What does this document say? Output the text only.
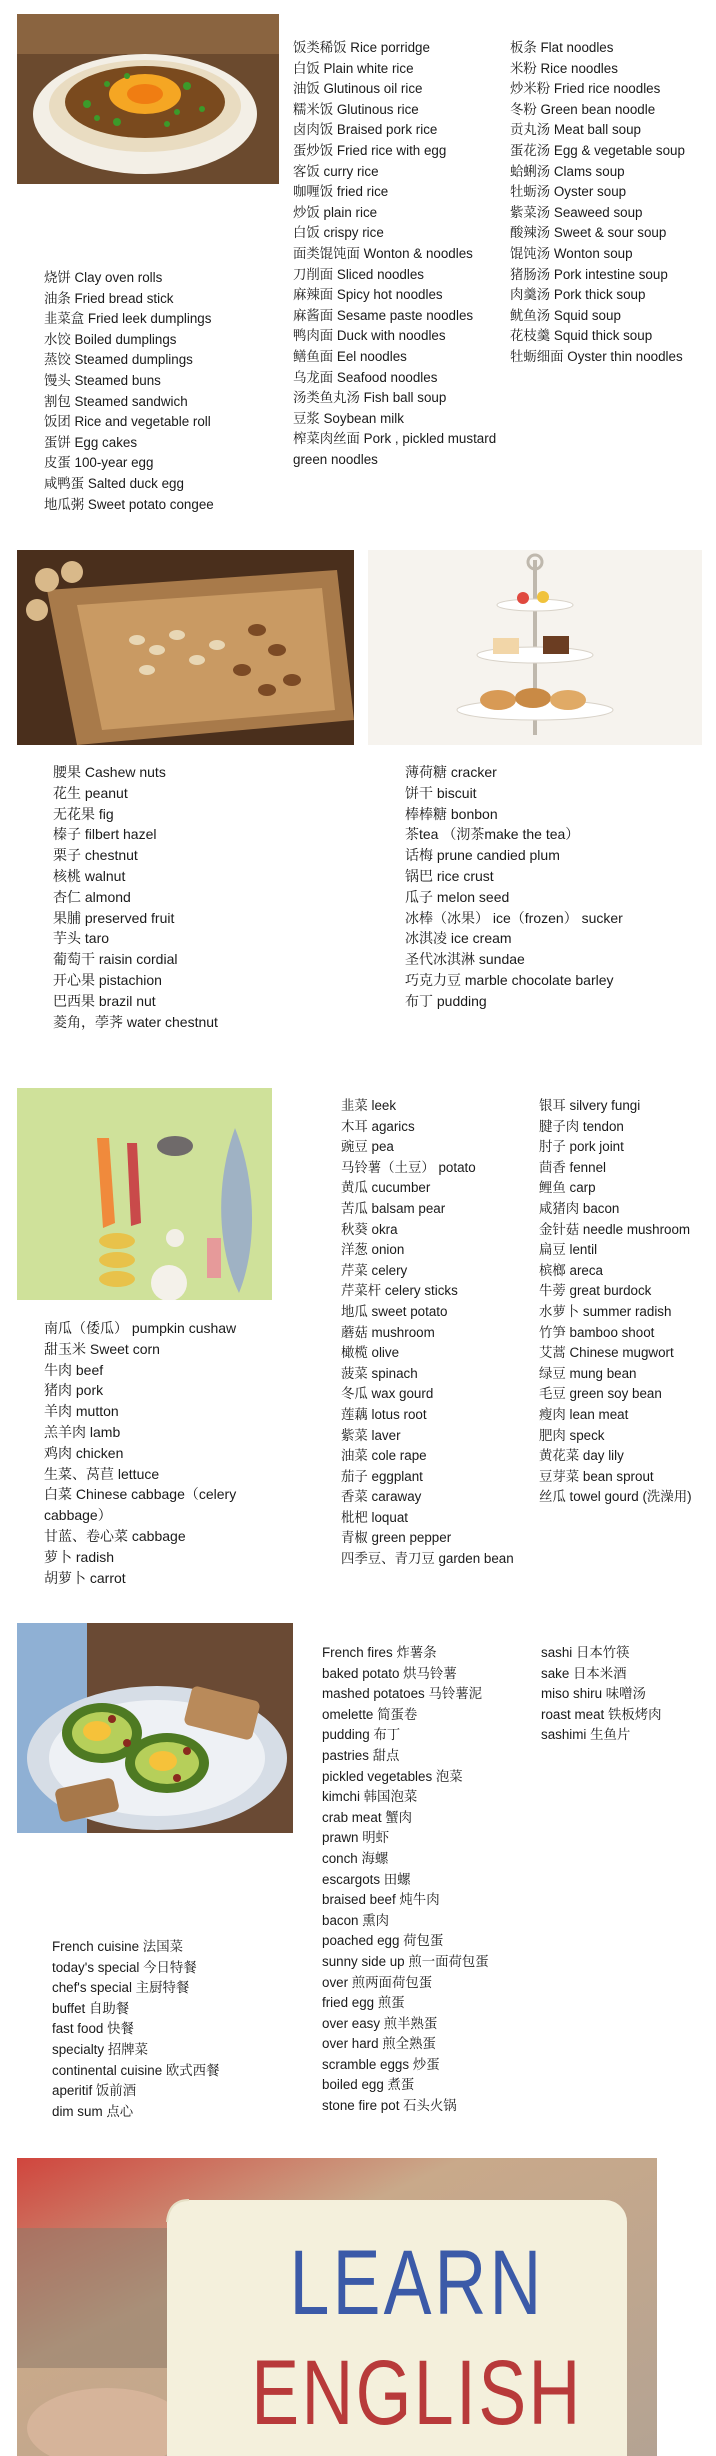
烧饼 Clay oven rolls
油条 Fried bread stick
韭菜盒 Fried leek dumplings
水饺 Boiled dumplings
蒸饺 Steamed dumplings
馒头 Steamed buns
割包 Steamed sandwich
饭团 Rice and vegetable roll
蛋饼 Egg cakes
皮蛋 100-year egg
咸鸭蛋 Salted duck egg
地瓜粥 Sweet potato congee
饭类稀饭 Rice porridge
白饭 Plain white rice
油饭 Glutinous oil rice
糯米饭 Glutinous rice
卤肉饭 Braised pork rice
蛋炒饭 Fried rice with egg
客饭 curry rice
咖喱饭 fried rice
炒饭 plain rice
白饭 crispy rice
面类馄饨面 Wonton & noodles
刀削面 Sliced noodles
麻辣面 Spicy hot noodles
麻酱面 Sesame paste noodles
鸭肉面 Duck with noodles
鳝鱼面 Eel noodles
乌龙面 Seafood noodles
汤类鱼丸汤 Fish ball soup
豆浆 Soybean milk
榨菜肉丝面 Pork , pickled mustard green noodles
板条 Flat noodles
米粉 Rice noodles
炒米粉 Fried rice noodles
冬粉 Green bean noodle
贡丸汤 Meat ball soup
蛋花汤 Egg & vegetable soup
蛤蜊汤 Clams soup
牡蛎汤 Oyster soup
紫菜汤 Seaweed soup
酸辣汤 Sweet & sour soup
馄饨汤 Wonton soup
猪肠汤 Pork intestine soup
肉羹汤 Pork thick soup
鱿鱼汤 Squid soup
花枝羹 Squid thick soup
牡蛎细面 Oyster thin noodles
腰果 Cashew nuts
花生 peanut
无花果 fig
榛子 filbert hazel
栗子 chestnut
核桃 walnut
杏仁 almond
果脯 preserved fruit
芋头 taro
葡萄干 raisin cordial
开心果 pistachion
巴西果 brazil nut
菱角，荸荠 water chestnut
薄荷糖 cracker
饼干 biscuit
棒棒糖 bonbon
茶tea （沏茶make the tea）
话梅 prune candied plum
锅巴 rice crust
瓜子 melon seed
冰棒（冰果） ice（frozen） sucker
冰淇凌 ice cream
圣代冰淇淋 sundae
巧克力豆 marble chocolate barley
布丁 pudding
南瓜（倭瓜） pumpkin cushaw
甜玉米 Sweet corn
牛肉 beef
猪肉 pork
羊肉 mutton
羔羊肉 lamb
鸡肉 chicken
生菜、莴苣 lettuce
白菜 Chinese cabbage（celery cabbage）
甘蓝、卷心菜 cabbage
萝卜 radish
胡萝卜 carrot
韭菜 leek
木耳 agarics
豌豆 pea
马铃薯（土豆） potato
黄瓜 cucumber
苦瓜 balsam pear
秋葵 okra
洋葱 onion
芹菜 celery
芹菜杆 celery sticks
地瓜 sweet potato
蘑菇 mushroom
橄榄 olive
菠菜 spinach
冬瓜 wax gourd
莲藕 lotus root
紫菜 laver
油菜 cole rape
茄子 eggplant
香菜 caraway
枇杷 loquat
青椒 green pepper
四季豆、青刀豆 garden bean
银耳 silvery fungi
腱子肉 tendon
肘子 pork joint
茴香 fennel
鲤鱼 carp
咸猪肉 bacon
金针菇 needle mushroom
扁豆 lentil
槟榔 areca
牛蒡 great burdock
水萝卜 summer radish
竹笋 bamboo shoot
艾蒿 Chinese mugwort
绿豆 mung bean
毛豆 green soy bean
瘦肉 lean meat
肥肉 speck
黄花菜 day lily
豆芽菜 bean sprout
丝瓜 towel gourd (洗澡用)
French cuisine 法国菜
today's special 今日特餐
chef's special 主厨特餐
buffet 自助餐
fast food 快餐
specialty 招牌菜
continental cuisine 欧式西餐
aperitif 饭前酒
dim sum 点心
French fires 炸薯条
baked potato 烘马铃薯
mashed potatoes 马铃薯泥
omelette 简蛋卷
pudding 布丁
pastries 甜点
pickled vegetables 泡菜
kimchi 韩国泡菜
crab meat 蟹肉
prawn 明虾
conch 海螺
escargots 田螺
braised beef 炖牛肉
bacon 熏肉
poached egg 荷包蛋
sunny side up 煎一面荷包蛋
over 煎两面荷包蛋
fried egg 煎蛋
over easy 煎半熟蛋
over hard 煎全熟蛋
scramble eggs 炒蛋
boiled egg 煮蛋
stone fire pot 石头火锅
sashi 日本竹筷
sake 日本米酒
miso shiru 味噌汤
roast meat 铁板烤肉
sashimi 生鱼片
LEARN
ENGLISH
